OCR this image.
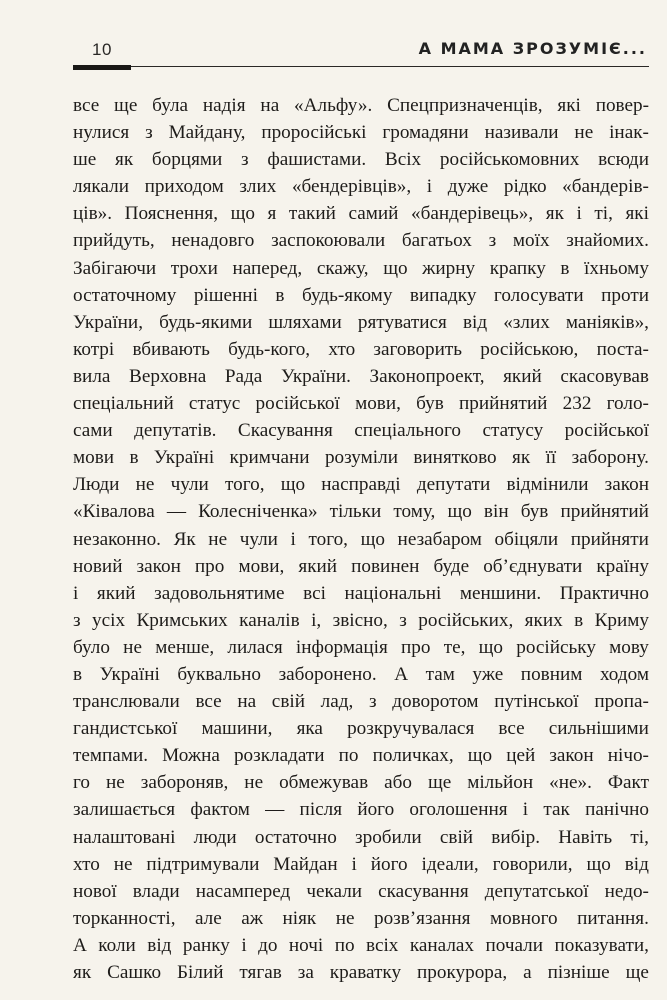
10	А МАМА ЗРОЗУМІЄ...
все ще була надія на «Альфу». Спецпризначенців, які повер-
нулися з Майдану, проросійські громадяни називали не інак-
ше як борцями з фашистами. Всіх російськомовних всюди
лякали приходом злих «бендерівців», і дуже рідко «бандерів-
ців». Пояснення, що я такий самий «бандерівець», як і ті, які
прийдуть, ненадовго заспокоювали багатьох з моїх знайомих.
Забігаючи трохи наперед, скажу, що жирну крапку в їхньому
остаточному рішенні в будь-якому випадку голосувати проти
України, будь-якими шляхами рятуватися від «злих маніяків»,
котрі вбивають будь-кого, хто заговорить російською, поста-
вила Верховна Рада України. Законопроект, який скасовував
спеціальний статус російської мови, був прийнятий 232 голо-
сами депутатів. Скасування спеціального статусу російської
мови в Україні кримчани розуміли винятково як її заборону.
Люди не чули того, що насправді депутати відмінили закон
«Ківалова — Колесніченка» тільки тому, що він був прийнятий
незаконно. Як не чули і того, що незабаром обіцяли прийняти
новий закон про мови, який повинен буде об’єднувати країну
і який задовольнятиме всі національні меншини. Практично
з усіх Кримських каналів і, звісно, з російських, яких в Криму
було не менше, лилася інформація про те, що російську мову
в Україні буквально заборонено. А там уже повним ходом
транслювали все на свій лад, з доворотом путінської пропа-
гандистської машини, яка розкручувалася все сильнішими
темпами. Можна розкладати по поличках, що цей закон нічо-
го не забороняв, не обмежував або ще мільйон «не». Факт
залишається фактом — після його оголошення і так панічно
налаштовані люди остаточно зробили свій вибір. Навіть ті,
хто не підтримували Майдан і його ідеали, говорили, що від
нової влади насамперед чекали скасування депутатської недо-
торканності, але аж ніяк не розв’язання мовного питання.
А коли від ранку і до ночі по всіх каналах почали показувати,
як Сашко Білий тягав за краватку прокурора, а пізніше ще
